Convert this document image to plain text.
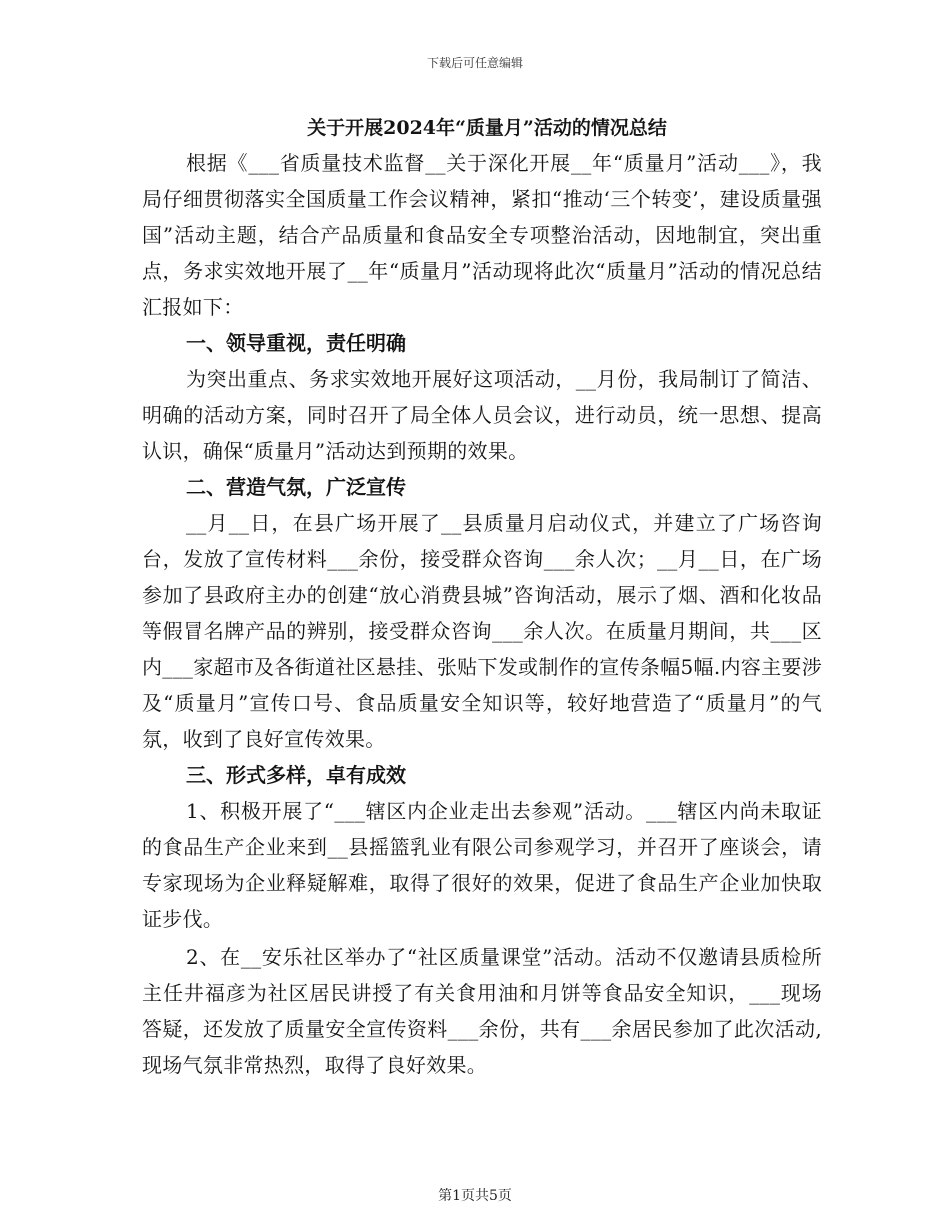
下载后可任意编辑
关于开展2024年“质量月”活动的情况总结

根据《___省质量技术监督__关于深化开展__年“质量月”活动___》，我局仔细贯彻落实全国质量工作会议精神，紧扣“推动‘三个转变’，建设质量强国”活动主题，结合产品质量和食品安全专项整治活动，因地制宜，突出重点，务求实效地开展了__年“质量月”活动现将此次“质量月”活动的情况总结汇报如下：

一、领导重视，责任明确

为突出重点、务求实效地开展好这项活动，__月份，我局制订了简洁、明确的活动方案，同时召开了局全体人员会议，进行动员，统一思想、提高认识，确保“质量月”活动达到预期的效果。

二、营造气氛，广泛宣传

__月__日，在县广场开展了__县质量月启动仪式，并建立了广场咨询台，发放了宣传材料___余份，接受群众咨询___余人次；__月__日，在广场参加了县政府主办的创建“放心消费县城”咨询活动，展示了烟、酒和化妆品等假冒名牌产品的辨别，接受群众咨询___余人次。在质量月期间，共___区内___家超市及各街道社区悬挂、张贴下发或制作的宣传条幅5幅.内容主要涉及“质量月”宣传口号、食品质量安全知识等，较好地营造了“质量月”的气氛，收到了良好宣传效果。

三、形式多样，卓有成效

1、积极开展了“___辖区内企业走出去参观”活动。___辖区内尚未取证的食品生产企业来到__县摇篮乳业有限公司参观学习，并召开了座谈会，请专家现场为企业释疑解难，取得了很好的效果，促进了食品生产企业加快取证步伐。

2、在__安乐社区举办了“社区质量课堂”活动。活动不仅邀请县质检所主任井福彦为社区居民讲授了有关食用油和月饼等食品安全知识，___现场答疑，还发放了质量安全宣传资料___余份，共有___余居民参加了此次活动,现场气氛非常热烈，取得了良好效果。

第1页共5页
